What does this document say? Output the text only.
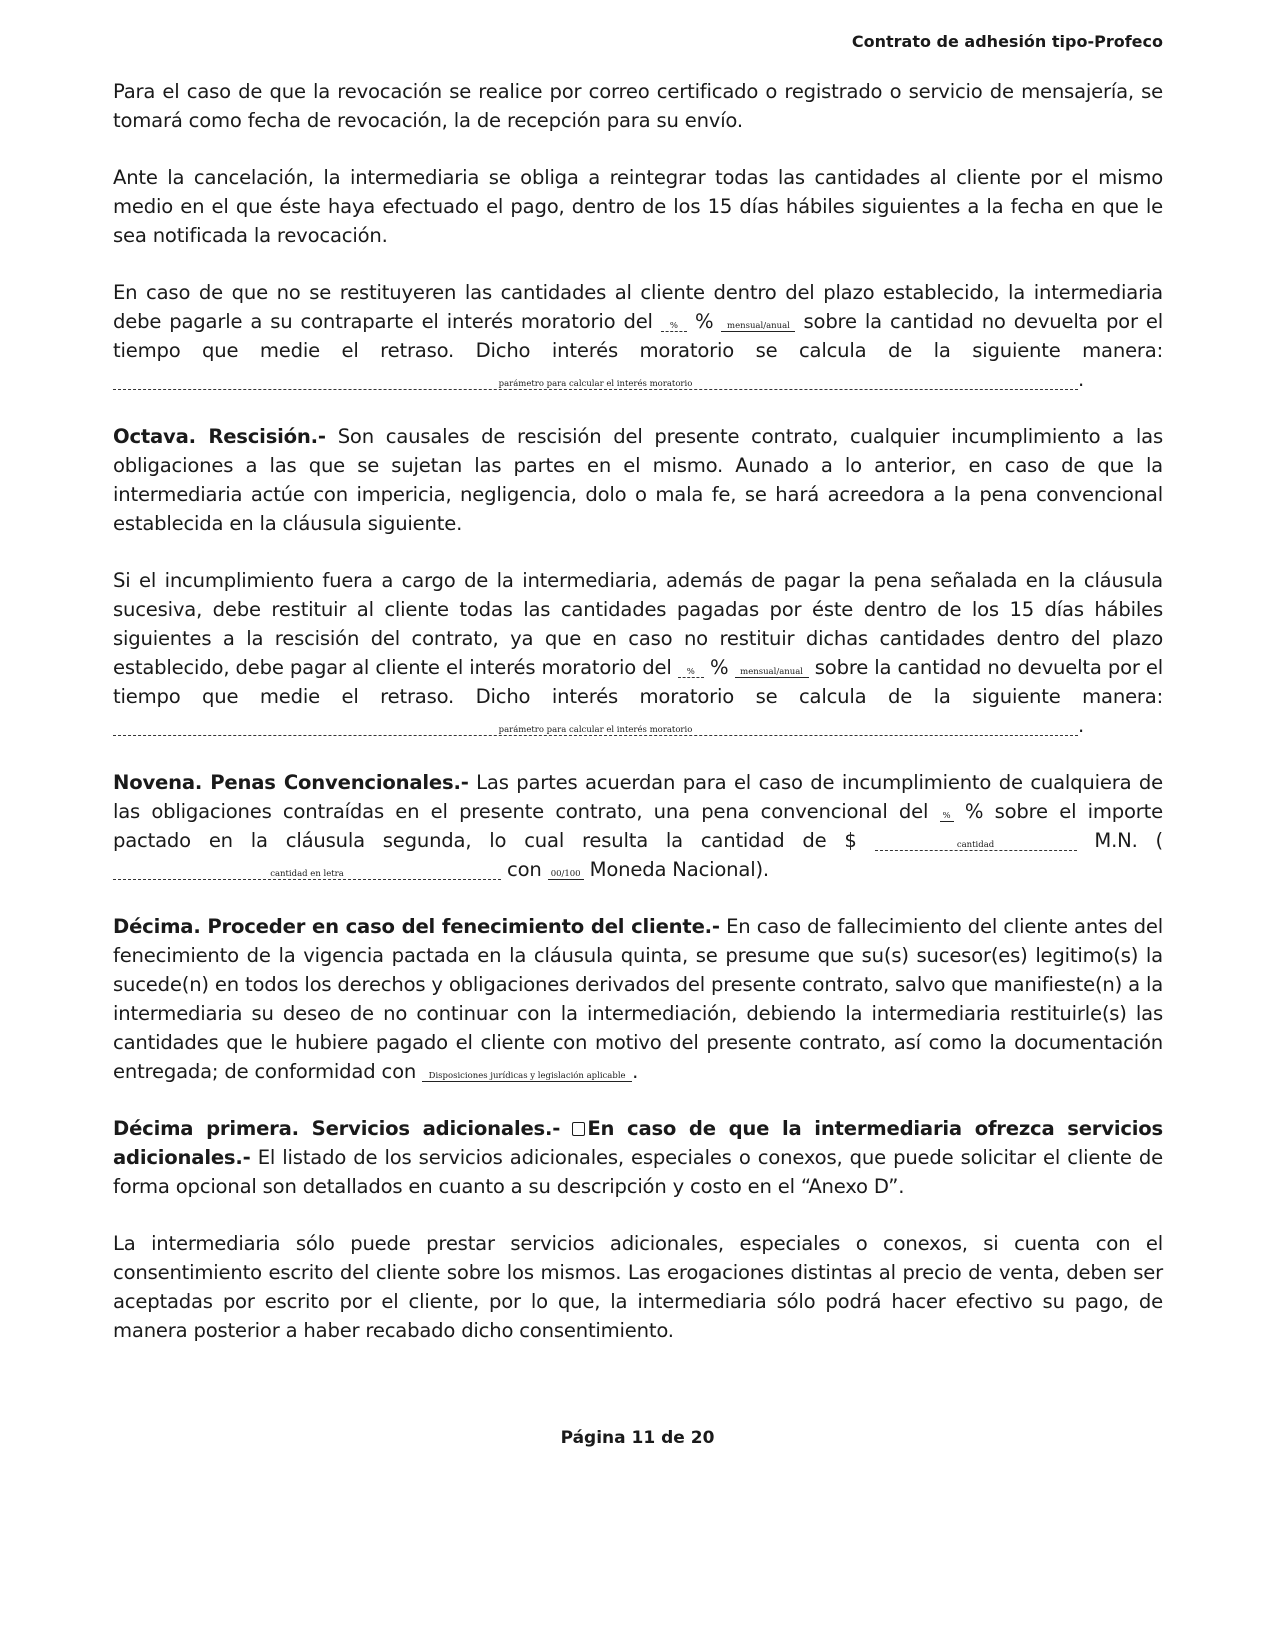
Contrato de adhesión tipo-Profeco

Para el caso de que la revocación se realice por correo certificado o registrado o servicio de mensajería, se tomará como fecha de revocación, la de recepción para su envío.

Ante la cancelación, la intermediaria se obliga a reintegrar todas las cantidades al cliente por el mismo medio en el que éste haya efectuado el pago, dentro de los 15 días hábiles siguientes a la fecha en que le sea notificada la revocación.

En caso de que no se restituyeren las cantidades al cliente dentro del plazo establecido, la intermediaria debe pagarle a su contraparte el interés moratorio del % % mensual/anual sobre la cantidad no devuelta por el tiempo que medie el retraso. Dicho interés moratorio se calcula de la siguiente manera: parámetro para calcular el interés moratorio	.

Octava. Rescisión.- Son causales de rescisión del presente contrato, cualquier incumplimiento a las obligaciones a las que se sujetan las partes en el mismo. Aunado a lo anterior, en caso de que la intermediaria actúe con impericia, negligencia, dolo o mala fe, se hará acreedora a la pena convencional establecida en la cláusula siguiente.

Si el incumplimiento fuera a cargo de la intermediaria, además de pagar la pena señalada en la cláusula sucesiva, debe restituir al cliente todas las cantidades pagadas por éste dentro de los 15 días hábiles siguientes a la rescisión del contrato, ya que en caso no restituir dichas cantidades dentro del plazo establecido, debe pagar al cliente el interés moratorio del % % mensual/anual sobre la cantidad no devuelta por el tiempo que medie el retraso. Dicho interés moratorio se calcula de la siguiente manera: parámetro para calcular el interés moratorio	.

Novena. Penas Convencionales.- Las partes acuerdan para el caso de incumplimiento de cualquiera de las obligaciones contraídas en el presente contrato, una pena convencional del % % sobre el importe pactado en la cláusula segunda, lo cual resulta la cantidad de $	cantidad	M.N. (cantidad en letra	con 00/100 Moneda Nacional).

Décima. Proceder en caso del fenecimiento del cliente.- En caso de fallecimiento del cliente antes del fenecimiento de la vigencia pactada en la cláusula quinta, se presume que su(s) sucesor(es) legitimo(s) la sucede(n) en todos los derechos y obligaciones derivados del presente contrato, salvo que manifieste(n) a la intermediaria su deseo de no continuar con la intermediación, debiendo la intermediaria restituirle(s) las cantidades que le hubiere pagado el cliente con motivo del presente contrato, así como la documentación entregada; de conformidad con Disposiciones jurídicas y legislación aplicable .

Décima primera. Servicios adicionales.- En caso de que la intermediaria ofrezca servicios adicionales.- El listado de los servicios adicionales, especiales o conexos, que puede solicitar el cliente de forma opcional son detallados en cuanto a su descripción y costo en el “Anexo D”.

La intermediaria sólo puede prestar servicios adicionales, especiales o conexos, si cuenta con el consentimiento escrito del cliente sobre los mismos. Las erogaciones distintas al precio de venta, deben ser aceptadas por escrito por el cliente, por lo que, la intermediaria sólo podrá hacer efectivo su pago, de manera posterior a haber recabado dicho consentimiento.

Página 11 de 20
